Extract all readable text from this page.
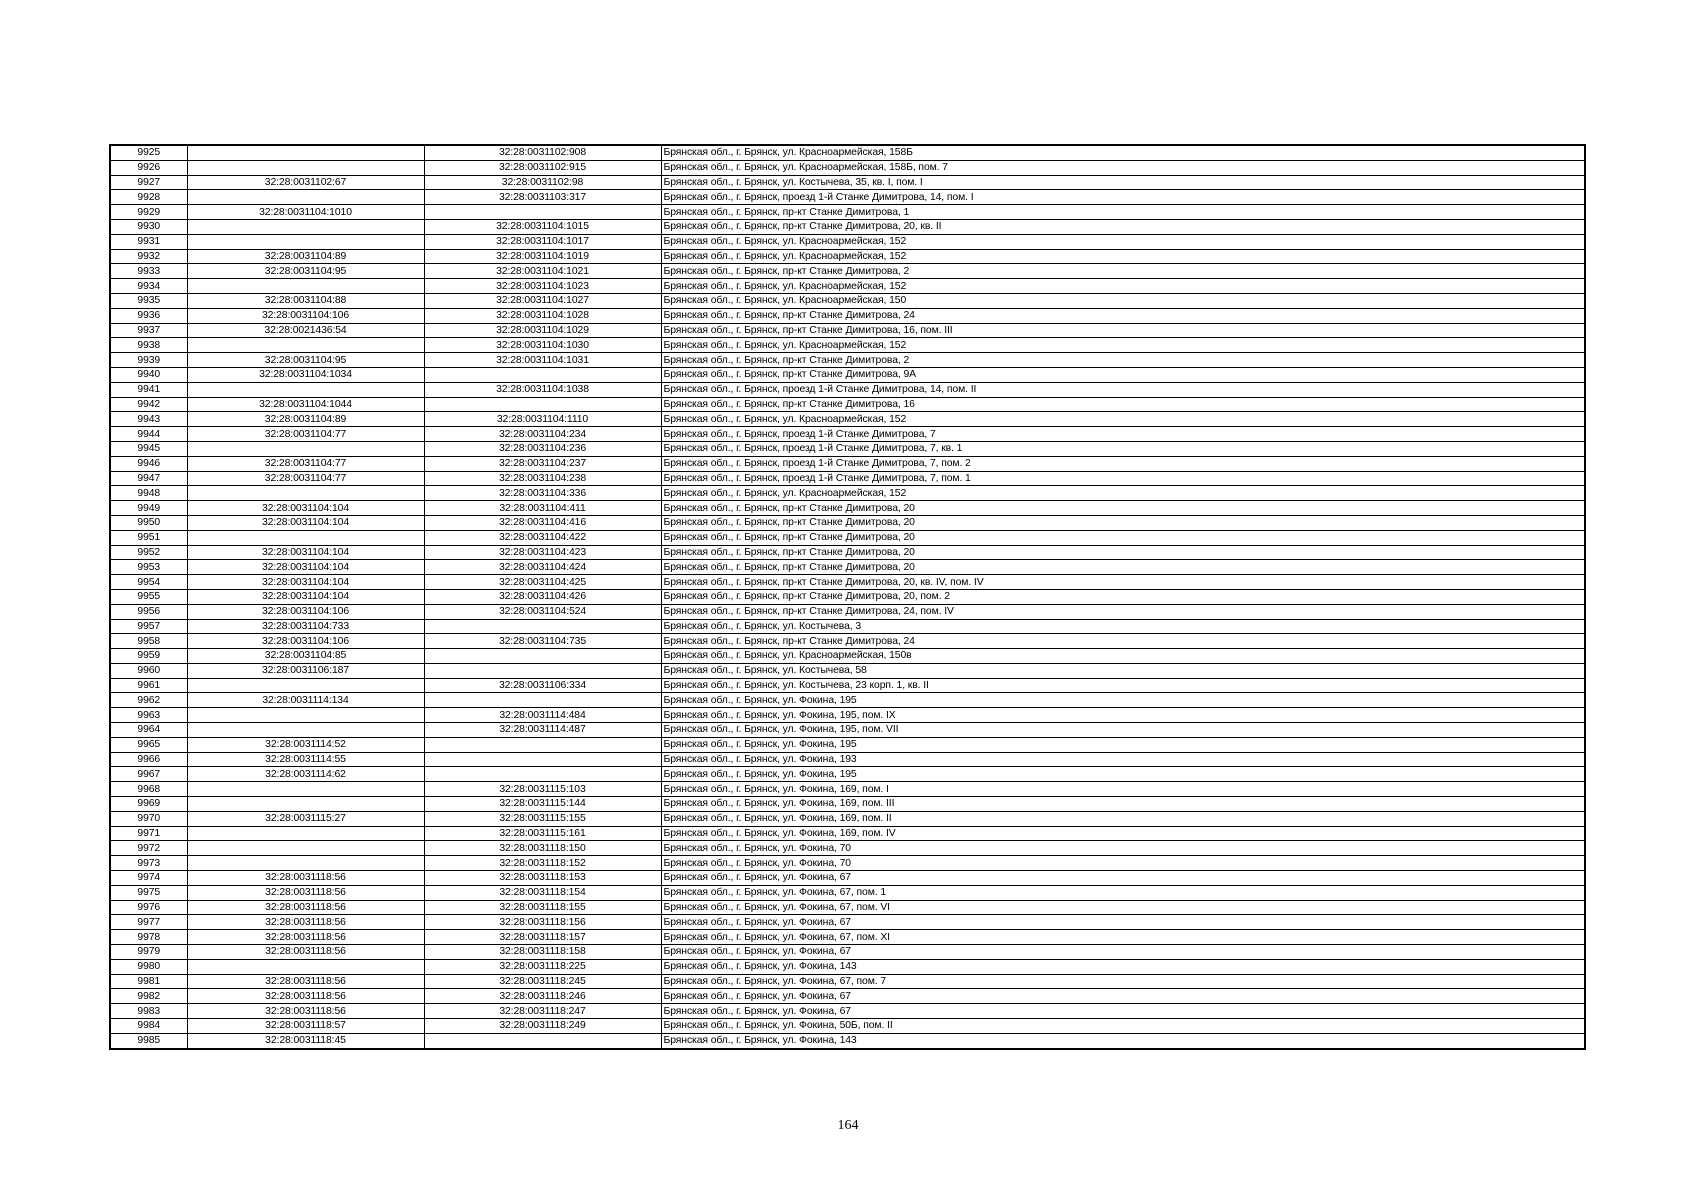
9925		32:28:0031102:908	Брянская обл., г. Брянск, ул. Красноармейская, 158Б
9926		32:28:0031102:915	Брянская обл., г. Брянск, ул. Красноармейская, 158Б, пом. 7
9927	32:28:0031102:67	32:28:0031102:98	Брянская обл., г. Брянск, ул. Костычева, 35, кв. I, пом. I
9928		32:28:0031103:317	Брянская обл., г. Брянск, проезд 1-й Станке Димитрова, 14, пом. I
9929	32:28:0031104:1010		Брянская обл., г. Брянск, пр-кт Станке Димитрова, 1
9930		32:28:0031104:1015	Брянская обл., г. Брянск, пр-кт Станке Димитрова, 20, кв. II
9931		32:28:0031104:1017	Брянская обл., г. Брянск, ул. Красноармейская, 152
9932	32:28:0031104:89	32:28:0031104:1019	Брянская обл., г. Брянск, ул. Красноармейская, 152
9933	32:28:0031104:95	32:28:0031104:1021	Брянская обл., г. Брянск, пр-кт Станке Димитрова, 2
9934		32:28:0031104:1023	Брянская обл., г. Брянск, ул. Красноармейская, 152
9935	32:28:0031104:88	32:28:0031104:1027	Брянская обл., г. Брянск, ул. Красноармейская, 150
9936	32:28:0031104:106	32:28:0031104:1028	Брянская обл., г. Брянск, пр-кт Станке Димитрова, 24
9937	32:28:0021436:54	32:28:0031104:1029	Брянская обл., г. Брянск, пр-кт Станке Димитрова, 16, пом. III
9938		32:28:0031104:1030	Брянская обл., г. Брянск, ул. Красноармейская, 152
9939	32:28:0031104:95	32:28:0031104:1031	Брянская обл., г. Брянск, пр-кт Станке Димитрова, 2
9940	32:28:0031104:1034		Брянская обл., г. Брянск, пр-кт Станке Димитрова, 9А
9941		32:28:0031104:1038	Брянская обл., г. Брянск, проезд 1-й Станке Димитрова, 14, пом. II
9942	32:28:0031104:1044		Брянская обл., г. Брянск, пр-кт Станке Димитрова, 16
9943	32:28:0031104:89	32:28:0031104:1110	Брянская обл., г. Брянск, ул. Красноармейская, 152
9944	32:28:0031104:77	32:28:0031104:234	Брянская обл., г. Брянск, проезд 1-й Станке Димитрова, 7
9945		32:28:0031104:236	Брянская обл., г. Брянск, проезд 1-й Станке Димитрова, 7, кв. 1
9946	32:28:0031104:77	32:28:0031104:237	Брянская обл., г. Брянск, проезд 1-й Станке Димитрова, 7, пом. 2
9947	32:28:0031104:77	32:28:0031104:238	Брянская обл., г. Брянск, проезд 1-й Станке Димитрова, 7, пом. 1
9948		32:28:0031104:336	Брянская обл., г. Брянск, ул. Красноармейская, 152
9949	32:28:0031104:104	32:28:0031104:411	Брянская обл., г. Брянск, пр-кт Станке Димитрова, 20
9950	32:28:0031104:104	32:28:0031104:416	Брянская обл., г. Брянск, пр-кт Станке Димитрова, 20
9951		32:28:0031104:422	Брянская обл., г. Брянск, пр-кт Станке Димитрова, 20
9952	32:28:0031104:104	32:28:0031104:423	Брянская обл., г. Брянск, пр-кт Станке Димитрова, 20
9953	32:28:0031104:104	32:28:0031104:424	Брянская обл., г. Брянск, пр-кт Станке Димитрова, 20
9954	32:28:0031104:104	32:28:0031104:425	Брянская обл., г. Брянск, пр-кт Станке Димитрова, 20, кв. IV, пом. IV
9955	32:28:0031104:104	32:28:0031104:426	Брянская обл., г. Брянск, пр-кт Станке Димитрова, 20, пом. 2
9956	32:28:0031104:106	32:28:0031104:524	Брянская обл., г. Брянск, пр-кт Станке Димитрова, 24, пом. IV
9957	32:28:0031104:733		Брянская обл., г. Брянск, ул. Костычева, 3
9958	32:28:0031104:106	32:28:0031104:735	Брянская обл., г. Брянск, пр-кт Станке Димитрова, 24
9959	32:28:0031104:85		Брянская обл., г. Брянск, ул. Красноармейская, 150в
9960	32:28:0031106:187		Брянская обл., г. Брянск, ул. Костычева, 58
9961		32:28:0031106:334	Брянская обл., г. Брянск, ул. Костычева, 23 корп. 1, кв. II
9962	32:28:0031114:134		Брянская обл., г. Брянск, ул. Фокина, 195
9963		32:28:0031114:484	Брянская обл., г. Брянск, ул. Фокина, 195, пом. IX
9964		32:28:0031114:487	Брянская обл., г. Брянск, ул. Фокина, 195, пом. VII
9965	32:28:0031114:52		Брянская обл., г. Брянск, ул. Фокина, 195
9966	32:28:0031114:55		Брянская обл., г. Брянск, ул. Фокина, 193
9967	32:28:0031114:62		Брянская обл., г. Брянск, ул. Фокина, 195
9968		32:28:0031115:103	Брянская обл., г. Брянск, ул. Фокина, 169, пом. I
9969		32:28:0031115:144	Брянская обл., г. Брянск, ул. Фокина, 169, пом. III
9970	32:28:0031115:27	32:28:0031115:155	Брянская обл., г. Брянск, ул. Фокина, 169, пом. II
9971		32:28:0031115:161	Брянская обл., г. Брянск, ул. Фокина, 169, пом. IV
9972		32:28:0031118:150	Брянская обл., г. Брянск, ул. Фокина, 70
9973		32:28:0031118:152	Брянская обл., г. Брянск, ул. Фокина, 70
9974	32:28:0031118:56	32:28:0031118:153	Брянская обл., г. Брянск, ул. Фокина, 67
9975	32:28:0031118:56	32:28:0031118:154	Брянская обл., г. Брянск, ул. Фокина, 67, пом. 1
9976	32:28:0031118:56	32:28:0031118:155	Брянская обл., г. Брянск, ул. Фокина, 67, пом. VI
9977	32:28:0031118:56	32:28:0031118:156	Брянская обл., г. Брянск, ул. Фокина, 67
9978	32:28:0031118:56	32:28:0031118:157	Брянская обл., г. Брянск, ул. Фокина, 67, пом. XI
9979	32:28:0031118:56	32:28:0031118:158	Брянская обл., г. Брянск, ул. Фокина, 67
9980		32:28:0031118:225	Брянская обл., г. Брянск, ул. Фокина, 143
9981	32:28:0031118:56	32:28:0031118:245	Брянская обл., г. Брянск, ул. Фокина, 67, пом. 7
9982	32:28:0031118:56	32:28:0031118:246	Брянская обл., г. Брянск, ул. Фокина, 67
9983	32:28:0031118:56	32:28:0031118:247	Брянская обл., г. Брянск, ул. Фокина, 67
9984	32:28:0031118:57	32:28:0031118:249	Брянская обл., г. Брянск, ул. Фокина, 50Б, пом. II
9985	32:28:0031118:45		Брянская обл., г. Брянск, ул. Фокина, 143
164
